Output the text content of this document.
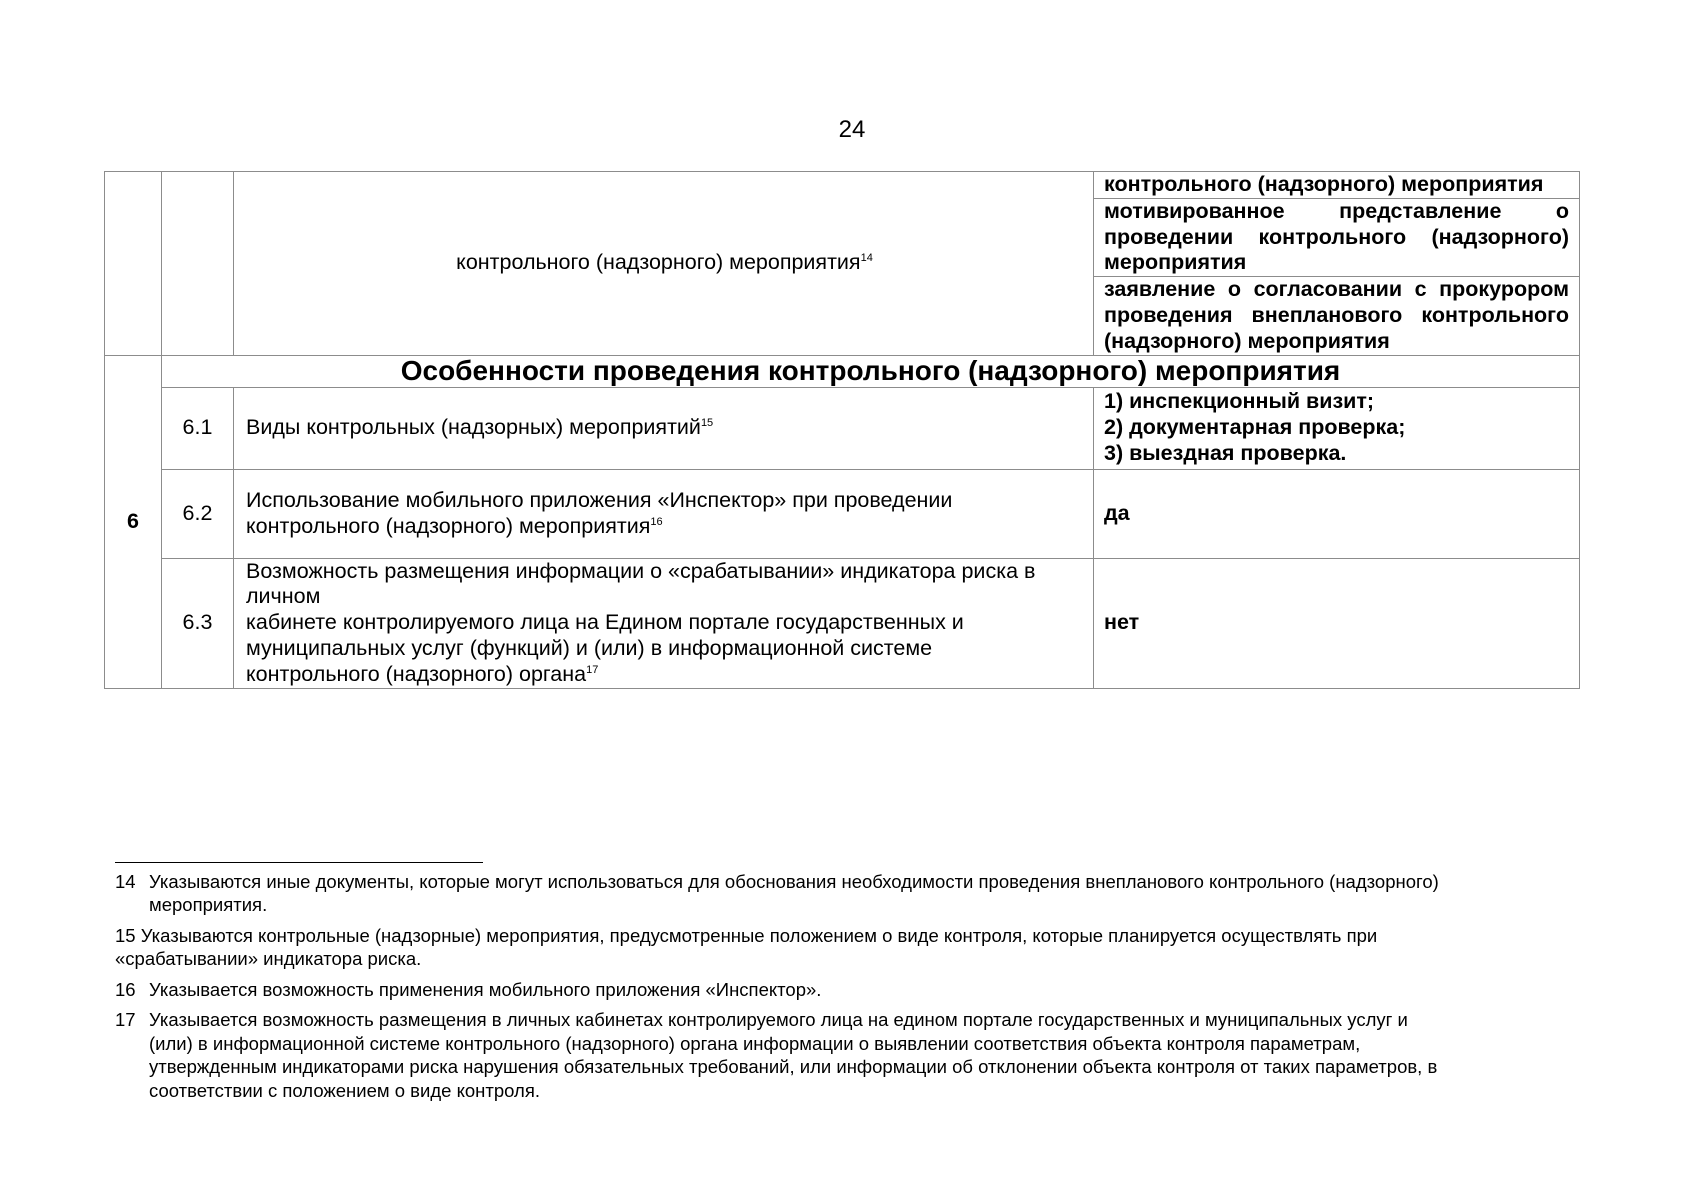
24
		контрольного (надзорного) мероприятия$^{14}$	контрольного (надзорного) мероприятия

			мотивированное представление о
проведении контрольного (надзорного)
мероприятия

			заявление о согласовании с прокурором
проведения внепланового контрольного
(надзорного) мероприятия

6	Особенности проведения контрольного (надзорного) мероприятия		
	6.1	Виды контрольных (надзорных) мероприятий$^{15}$	1) инспекционный визит;
2) документарная проверка;
3) выездная проверка.

	6.2	Использование мобильного приложения «Инспектор» при проведении
контрольного (надзорного) мероприятия$^{16}$	да
	6.3	Возможность размещения информации о «срабатывании» индикатора риска в
личном
кабинете контролируемого лица на Едином портале государственных и
муниципальных услуг (функций) и (или) в информационной системе
контрольного (надзорного) органа$^{17}$	нет
14 Указываются иные документы, которые могут использоваться для обоснования необходимости проведения внепланового контрольного (надзорного)
мероприятия.
15 Указываются контрольные (надзорные) мероприятия, предусмотренные положением о виде контроля, которые планируется осуществлять при
«срабатывании» индикатора риска.
16 Указывается возможность применения мобильного приложения «Инспектор».
17 Указывается возможность размещения в личных кабинетах контролируемого лица на едином портале государственных и муниципальных услуг и
(или) в информационной системе контрольного (надзорного) органа информации о выявлении соответствия объекта контроля параметрам,
утвержденным индикаторами риска нарушения обязательных требований, или информации об отклонении объекта контроля от таких параметров, в
соответствии с положением о виде контроля.
